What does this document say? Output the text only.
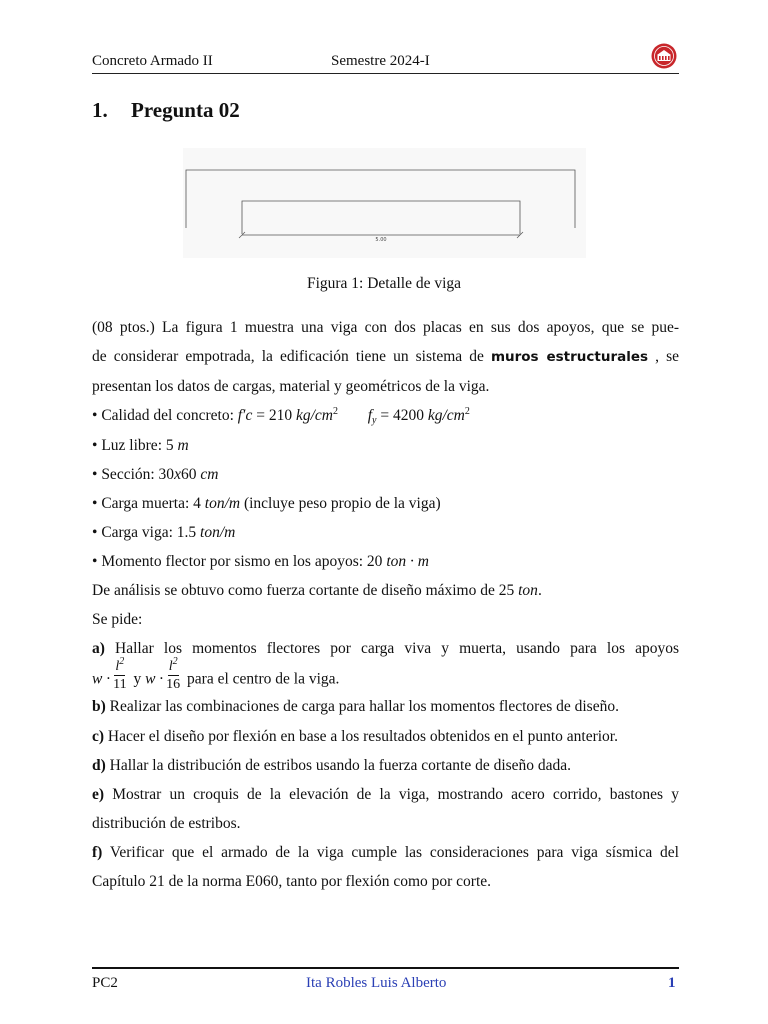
Concreto Armado II	Semestre 2024-I
1. Pregunta 02
5.00
Figura 1: Detalle de viga
(08 ptos.) La figura 1 muestra una viga con dos placas en sus dos apoyos, que se pue-
de considerar empotrada, la edificación tiene un sistema de muros estructurales , se
presentan los datos de cargas, material y geométricos de la viga.
• Calidad del concreto: f′c = 210 $kg/cm^2$ $f_y = 4200$ $kg/cm^2$
• Luz libre: 5 m
• Sección: 30x60 cm
• Carga muerta: 4 ton/m (incluye peso propio de la viga)
• Carga viga: 1.5 ton/m
• Momento flector por sismo en los apoyos: 20 ton · m
De análisis se obtuvo como fuerza cortante de diseño máximo de 25 ton.
Se pide:
a) Hallar los momentos flectores por carga viva y muerta, usando para los apoyos
$w \cdot \frac{l^2}{11}$ y $w \cdot \frac{l^2}{16}$ para el centro de la viga.
b) Realizar las combinaciones de carga para hallar los momentos flectores de diseño.
c) Hacer el diseño por flexión en base a los resultados obtenidos en el punto anterior.
d) Hallar la distribución de estribos usando la fuerza cortante de diseño dada.
e) Mostrar un croquis de la elevación de la viga, mostrando acero corrido, bastones y
distribución de estribos.
f) Verificar que el armado de la viga cumple las consideraciones para viga sísmica del
Capítulo 21 de la norma E060, tanto por flexión como por corte.
PC2	Ita Robles Luis Alberto	1
